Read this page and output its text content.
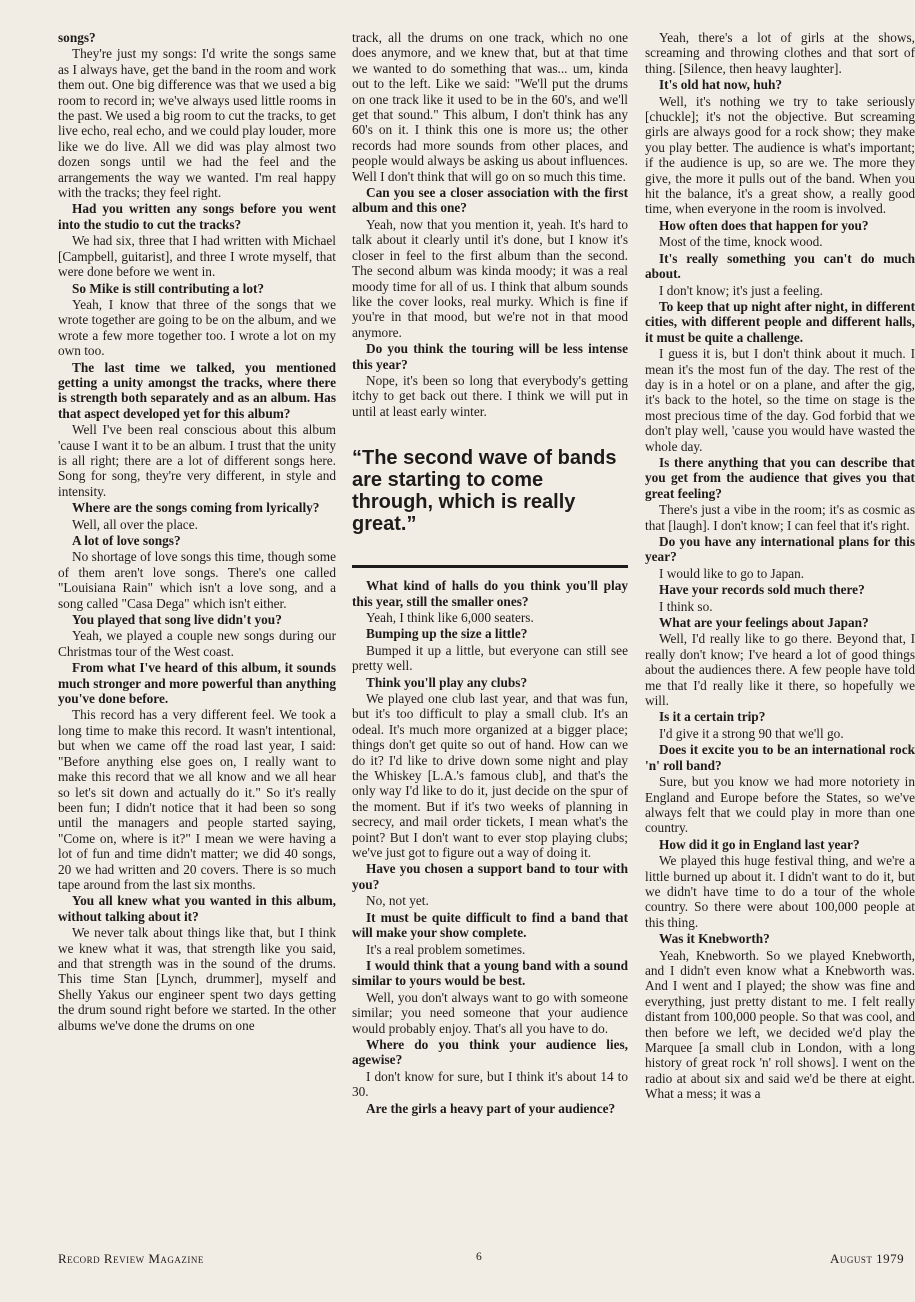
songs?

They're just my songs: I'd write the songs same as I always have, get the band in the room and work them out. One big difference was that we used a big room to record in; we've always used little rooms in the past. We used a big room to cut the tracks, to get live echo, real echo, and we could play louder, more like we do live. All we did was play almost two dozen songs until we had the feel and the arrangements the way we wanted. I'm real happy with the tracks; they feel right.

Had you written any songs before you went into the studio to cut the tracks?

We had six, three that I had written with Michael [Campbell, guitarist], and three I wrote myself, that were done before we went in.

So Mike is still contributing a lot?

Yeah, I know that three of the songs that we wrote together are going to be on the album, and we wrote a few more together too. I wrote a lot on my own too.

The last time we talked, you mentioned getting a unity amongst the tracks, where there is strength both separately and as an album. Has that aspect developed yet for this album?

Well I've been real conscious about this album 'cause I want it to be an album. I trust that the unity is all right; there are a lot of different songs here. Song for song, they're very different, in style and intensity.

Where are the songs coming from lyrically?

Well, all over the place.

A lot of love songs?

No shortage of love songs this time, though some of them aren't love songs. There's one called "Louisiana Rain" which isn't a love song, and a song called "Casa Dega" which isn't either.

You played that song live didn't you?

Yeah, we played a couple new songs during our Christmas tour of the West coast.

From what I've heard of this album, it sounds much stronger and more powerful than anything you've done before.

This record has a very different feel. We took a long time to make this record. It wasn't intentional, but when we came off the road last year, I said: "Before anything else goes on, I really want to make this record that we all know and we all hear so let's sit down and actually do it." So it's really been fun; I didn't notice that it had been so song until the managers and people started saying, "Come on, where is it?" I mean we were having a lot of fun and time didn't matter; we did 40 songs, 20 we had written and 20 covers. There is so much tape around from the last six months.

You all knew what you wanted in this album, without talking about it?

We never talk about things like that, but I think we knew what it was, that strength like you said, and that strength was in the sound of the drums. This time Stan [Lynch, drummer], myself and Shelly Yakus our engineer spent two days getting the drum sound right before we started. In the other albums we've done the drums on one

track, all the drums on one track, which no one does anymore, and we knew that, but at that time we wanted to do something that was... um, kinda out to the left. Like we said: "We'll put the drums on one track like it used to be in the 60's, and we'll get that sound." This album, I don't think has any 60's on it. I think this one is more us; the other records had more sounds from other places, and people would always be asking us about influences. Well I don't think that will go on so much this time.

Can you see a closer association with the first album and this one?

Yeah, now that you mention it, yeah. It's hard to talk about it clearly until it's done, but I know it's closer in feel to the first album than the second. The second album was kinda moody; it was a real moody time for all of us. I think that album sounds like the cover looks, real murky. Which is fine if you're in that mood, but we're not in that mood anymore.

Do you think the touring will be less intense this year?

Nope, it's been so long that everybody's getting itchy to get back out there. I think we will put in until at least early winter.

“The second wave of bands are starting to come through, which is really great.”

What kind of halls do you think you'll play this year, still the smaller ones?

Yeah, I think like 6,000 seaters.

Bumping up the size a little?

Bumped it up a little, but everyone can still see pretty well.

Think you'll play any clubs?

We played one club last year, and that was fun, but it's too difficult to play a small club. It's an odeal. It's much more organized at a bigger place; things don't get quite so out of hand. How can we do it? I'd like to drive down some night and play the Whiskey [L.A.'s famous club], and that's the only way I'd like to do it, just decide on the spur of the moment. But if it's two weeks of planning in secrecy, and mail order tickets, I mean what's the point? But I don't want to ever stop playing clubs; we've just got to figure out a way of doing it.

Have you chosen a support band to tour with you?

No, not yet.

It must be quite difficult to find a band that will make your show complete.

It's a real problem sometimes.

I would think that a young band with a sound similar to yours would be best.

Well, you don't always want to go with someone similar; you need someone that your audience would probably enjoy. That's all you have to do.

Where do you think your audience lies, agewise?

I don't know for sure, but I think it's about 14 to 30.

Are the girls a heavy part of your audience?

Yeah, there's a lot of girls at the shows, screaming and throwing clothes and that sort of thing. [Silence, then heavy laughter].

It's old hat now, huh?

Well, it's nothing we try to take seriously [chuckle]; it's not the objective. But screaming girls are always good for a rock show; they make you play better. The audience is what's important; if the audience is up, so are we. The more they give, the more it pulls out of the band. When you hit the balance, it's a great show, a really good time, when everyone in the room is involved.

How often does that happen for you?

Most of the time, knock wood.

It's really something you can't do much about.

I don't know; it's just a feeling.

To keep that up night after night, in different cities, with different people and different halls, it must be quite a challenge.

I guess it is, but I don't think about it much. I mean it's the most fun of the day. The rest of the day is in a hotel or on a plane, and after the gig, it's back to the hotel, so the time on stage is the most precious time of the day. God forbid that we don't play well, 'cause you would have wasted the whole day.

Is there anything that you can describe that you get from the audience that gives you that great feeling?

There's just a vibe in the room; it's as cosmic as that [laugh]. I don't know; I can feel that it's right.

Do you have any international plans for this year?

I would like to go to Japan.

Have your records sold much there?

I think so.

What are your feelings about Japan?

Well, I'd really like to go there. Beyond that, I really don't know; I've heard a lot of good things about the audiences there. A few people have told me that I'd really like it there, so hopefully we will.

Is it a certain trip?

I'd give it a strong 90 that we'll go.

Does it excite you to be an international rock 'n' roll band?

Sure, but you know we had more notoriety in England and Europe before the States, so we've always felt that we could play in more than one country.

How did it go in England last year?

We played this huge festival thing, and we're a little burned up about it. I didn't want to do it, but we didn't have time to do a tour of the whole country. So there were about 100,000 people at this thing.

Was it Knebworth?

Yeah, Knebworth. So we played Knebworth, and I didn't even know what a Knebworth was. And I went and I played; the show was fine and everything, just pretty distant to me. I felt really distant from 100,000 people. So that was cool, and then before we left, we decided we'd play the Marquee [a small club in London, with a long history of great rock 'n' roll shows]. I went on the radio at about six and said we'd be there at eight. What a mess; it was a

Record Review Magazine	6	August 1979
